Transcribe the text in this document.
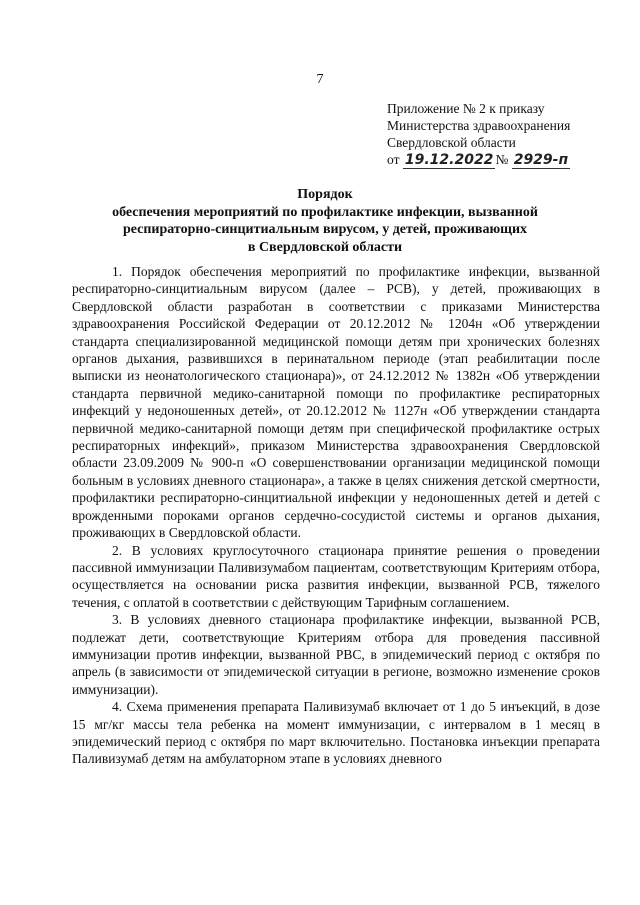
7
Приложение № 2 к приказу
Министерства здравоохранения
Свердловской области
от 19.12.2022 № 2929-п
Порядок
обеспечения мероприятий по профилактике инфекции, вызванной
респираторно-синцитиальным вирусом, у детей, проживающих
в Свердловской области

1. Порядок обеспечения мероприятий по профилактике инфекции, вызванной респираторно-синцитиальным вирусом (далее – РСВ), у детей, проживающих в Свердловской области разработан в соответствии с приказами Министерства здравоохранения Российской Федерации от 20.12.2012 № 1204н «Об утверждении стандарта специализированной медицинской помощи детям при хронических болезнях органов дыхания, развившихся в перинатальном периоде (этап реабилитации после выписки из неонатологического стационара)», от 24.12.2012 № 1382н «Об утверждении стандарта первичной медико-санитарной помощи по профилактике респираторных инфекций у недоношенных детей», от 20.12.2012 № 1127н «Об утверждении стандарта первичной медико-санитарной помощи детям при специфической профилактике острых респираторных инфекций», приказом Министерства здравоохранения Свердловской области 23.09.2009 № 900-п «О совершенствовании организации медицинской помощи больным в условиях дневного стационара», а также в целях снижения детской смертности, профилактики респираторно-синцитиальной инфекции у недоношенных детей и детей с врожденными пороками органов сердечно-сосудистой системы и органов дыхания, проживающих в Свердловской области.

2. В условиях круглосуточного стационара принятие решения о проведении пассивной иммунизации Паливизумабом пациентам, соответствующим Критериям отбора, осуществляется на основании риска развития инфекции, вызванной РСВ, тяжелого течения, с оплатой в соответствии с действующим Тарифным соглашением.

3. В условиях дневного стационара профилактике инфекции, вызванной РСВ, подлежат дети, соответствующие Критериям отбора для проведения пассивной иммунизации против инфекции, вызванной РВС, в эпидемический период с октября по апрель (в зависимости от эпидемической ситуации в регионе, возможно изменение сроков иммунизации).

4. Схема применения препарата Паливизумаб включает от 1 до 5 инъекций, в дозе 15 мг/кг массы тела ребенка на момент иммунизации, с интервалом в 1 месяц в эпидемический период с октября по март включительно. Постановка инъекции препарата Паливизумаб детям на амбулаторном этапе в условиях дневного
